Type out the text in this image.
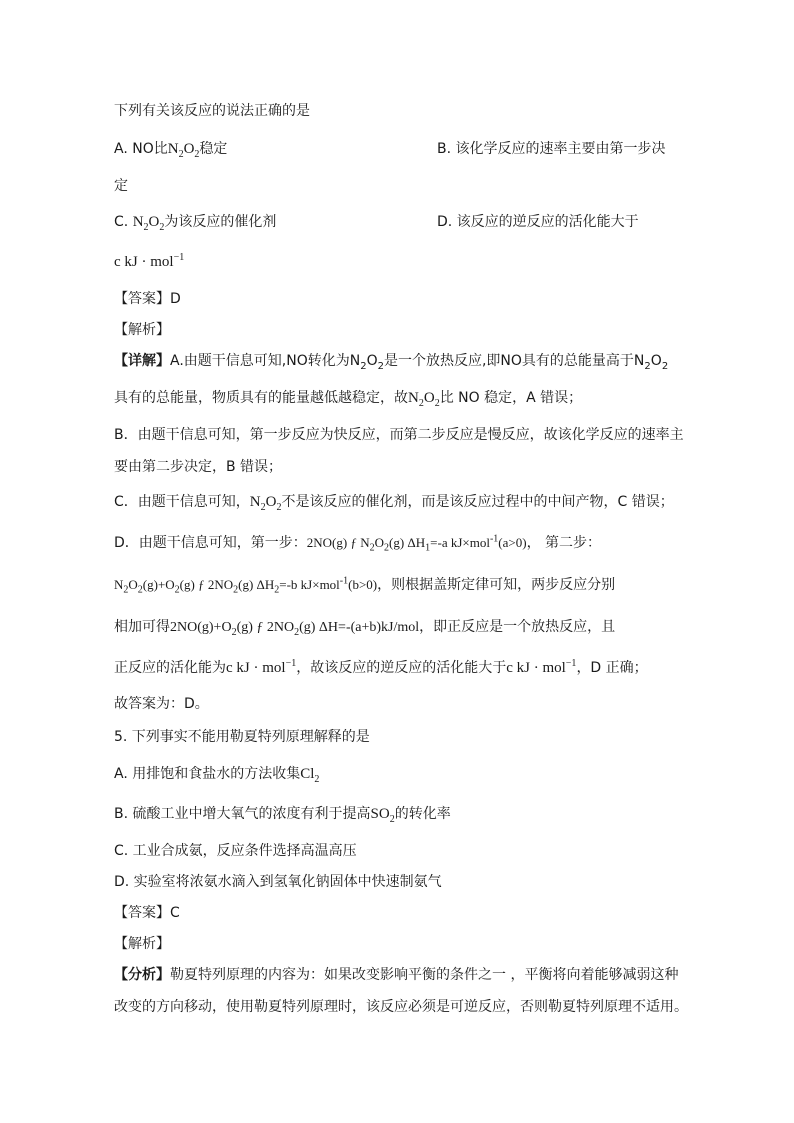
下列有关该反应的说法正确的是
A. NO比$N_2O_2$稳定	B. 该化学反应的速率主要由第一步决
定
C. $N_2O_2$为该反应的催化剂	D. 该反应的逆反应的活化能大于
c kJ · mol$^{-1}$
【答案】D
【解析】
【详解】A.由题干信息可知,NO转化为$N_2O_2$是一个放热反应,即NO具有的总能量高于$N_2O_2$
具有的总能量，物质具有的能量越低越稳定，故$N_2O_2$比 NO 稳定，A 错误；
B．由题干信息可知，第一步反应为快反应，而第二步反应是慢反应，故该化学反应的速率主
要由第二步决定，B 错误；
C．由题干信息可知，$N_2O_2$不是该反应的催化剂，而是该反应过程中的中间产物，C 错误；
D．由题干信息可知，第一步：2NO(g) ƒ $N_2O_2(g)$ $\Delta H_1=-a$ kJ×mol$^{-1}$(a>0)， 第二步：
$N_2O_2(g)+O_2(g)$ ƒ $2NO_2(g)$ $\Delta H_2=-b$ kJ×mol$^{-1}$(b>0)，则根据盖斯定律可知，两步反应分别
相加可得$2NO(g)+O_2(g)$ ƒ $2NO_2(g)$ ΔH=-(a+b)kJ/mol，即正反应是一个放热反应，且
正反应的活化能为c kJ · mol$^{-1}$，故该反应的逆反应的活化能大于c kJ · mol$^{-1}$，D 正确；
故答案为：D。
5. 下列事实不能用勒夏特列原理解释的是
A. 用排饱和食盐水的方法收集$Cl_2$
B. 硫酸工业中增大氧气的浓度有利于提高$SO_2$的转化率
C. 工业合成氨，反应条件选择高温高压
D. 实验室将浓氨水滴入到氢氧化钠固体中快速制氨气
【答案】C
【解析】
【分析】勒夏特列原理的内容为：如果改变影响平衡的条件之一 ，平衡将向着能够减弱这种
改变的方向移动，使用勒夏特列原理时，该反应必须是可逆反应，否则勒夏特列原理不适用。
